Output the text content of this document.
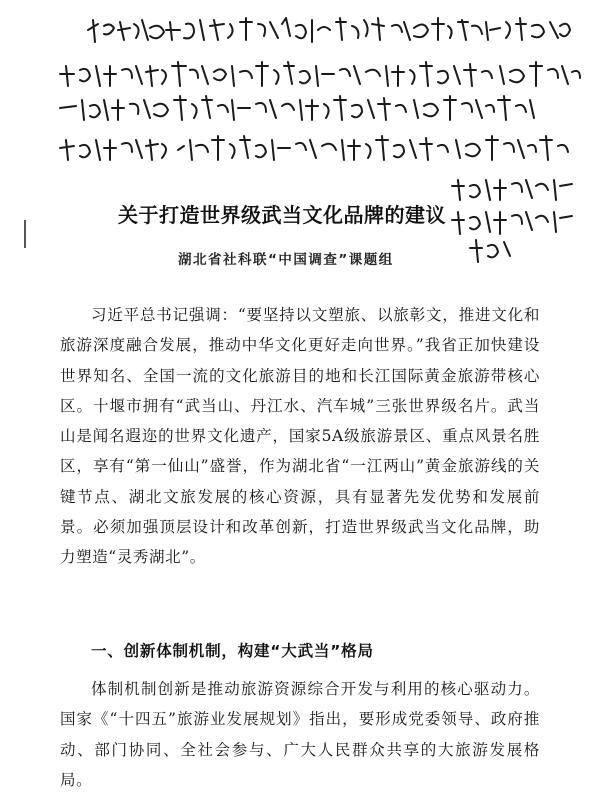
关于打造世界级武当文化品牌的建议
湖北省社科联“中国调查”课题组
习近平总书记强调：“要坚持以文塑旅、以旅彰文，推进文化和旅游深度融合发展，推动中华文化更好走向世界。”我省正加快建设世界知名、全国一流的文化旅游目的地和长江国际黄金旅游带核心区。十堰市拥有“武当山、丹江水、汽车城”三张世界级名片。武当山是闻名遐迩的世界文化遗产，国家5A级旅游景区、重点风景名胜区，享有“第一仙山”盛誉，作为湖北省“一江两山”黄金旅游线的关键节点、湖北文旅发展的核心资源，具有显著先发优势和发展前景。必须加强顶层设计和改革创新，打造世界级武当文化品牌，助力塑造“灵秀湖北”。
一、创新体制机制，构建“大武当”格局
体制机制创新是推动旅游资源综合开发与利用的核心驱动力。国家《“十四五”旅游业发展规划》指出，要形成党委领导、政府推动、部门协同、全社会参与、广大人民群众共享的大旅游发展格局。
